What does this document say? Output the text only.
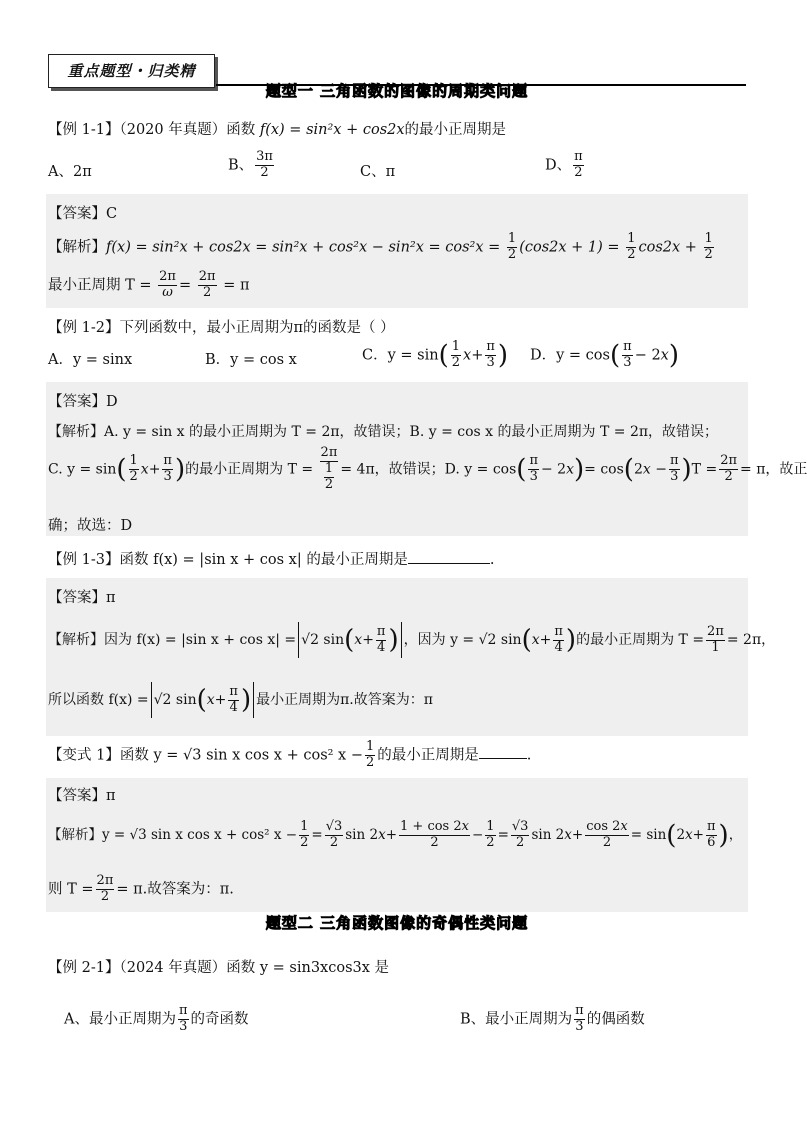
重点题型・归类精
题型一 三角函数的图像的周期类问题
【例 1-1】（2020 年真题）函数 f(x) = sin²x + cos2x的最小正周期是
A、2π	B、 $\frac{3\pi}{2}$	C、π	D、 $\frac{\pi}{2}$
【答案】C
【解析】$f(x) = \sin^2x + \cos 2x = \sin^2x + \cos^2x - \sin^2x = \cos^2x = \frac{1}{2} (\cos 2x + 1) = \frac{1}{2} \cos 2x + \frac{1}{2}$
最小正周期 $T = \frac{2\pi}{\omega} = \frac{2\pi}{2} = \pi$
【例 1-2】下列函数中，最小正周期为π的函数是（ ）
A．y = sinx	B．y = cos x	C．$y = \sin( \frac{1}{2} x+ \frac{\pi}{3}$ ) D．$y = \cos( \frac{\pi}{3} - 2x)$
【答案】D
【解析】A. y = sin x 的最小正周期为 T = 2π，故错误；B. y = cos x 的最小正周期为 T = 2π，故错误；
C. $y = \sin( \frac{1}{2} x+ \frac{\pi}{3}$ )的最小正周期为 $T = \frac{2\pi}{\frac{1}{2}} = 4\pi$，故错误；D. $y = \cos( \frac{\pi}{3} - 2x)= \cos(2x - \frac{\pi}{3} )T = \frac{2\pi}{2} = \pi$，故正
确；故选：D
【例 1-3】函数 f(x) = |sin x + cos x| 的最小正周期是	.
【答案】π
【解析】因为 f(x) = |sin x + cos x| = √2 $\sin(x+ \frac{\pi}{4}$ ) ，因为 y = √2 $\sin(x+ \frac{\pi}{4}$ )的最小正周期为 $T = \frac{2\pi}{1} = 2\pi$，
所以函数 f(x) = √2 $\sin(x+ \frac{\pi}{4}$ ) 最小正周期为π.故答案为：π
【变式 1】函数 y = √3 sin x cos x + cos² $x - \frac{1}{2}$ 的最小正周期是	.
【答案】π
【解析】y = √3 sin x cos x + cos² $x - \frac{1}{2} = \frac{√3}{2}$ $\sin 2x+ \frac{1 + \cos 2x}{2} - \frac{1}{2} = \frac{√3}{2}$ $\sin 2x+ \frac{\cos 2x}{2} = \sin(2x+ \frac{\pi}{6}$ )，
则 $T = \frac{2\pi}{2} = \pi$.故答案为：π.
题型二 三角函数图像的奇偶性类问题
【例 2-1】（2024 年真题）函数 y = sin3xcos3x 是
A、最小正周期为 $\frac{\pi}{3}$ 的奇函数	B、最小正周期为 $\frac{\pi}{3}$ 的偶函数
